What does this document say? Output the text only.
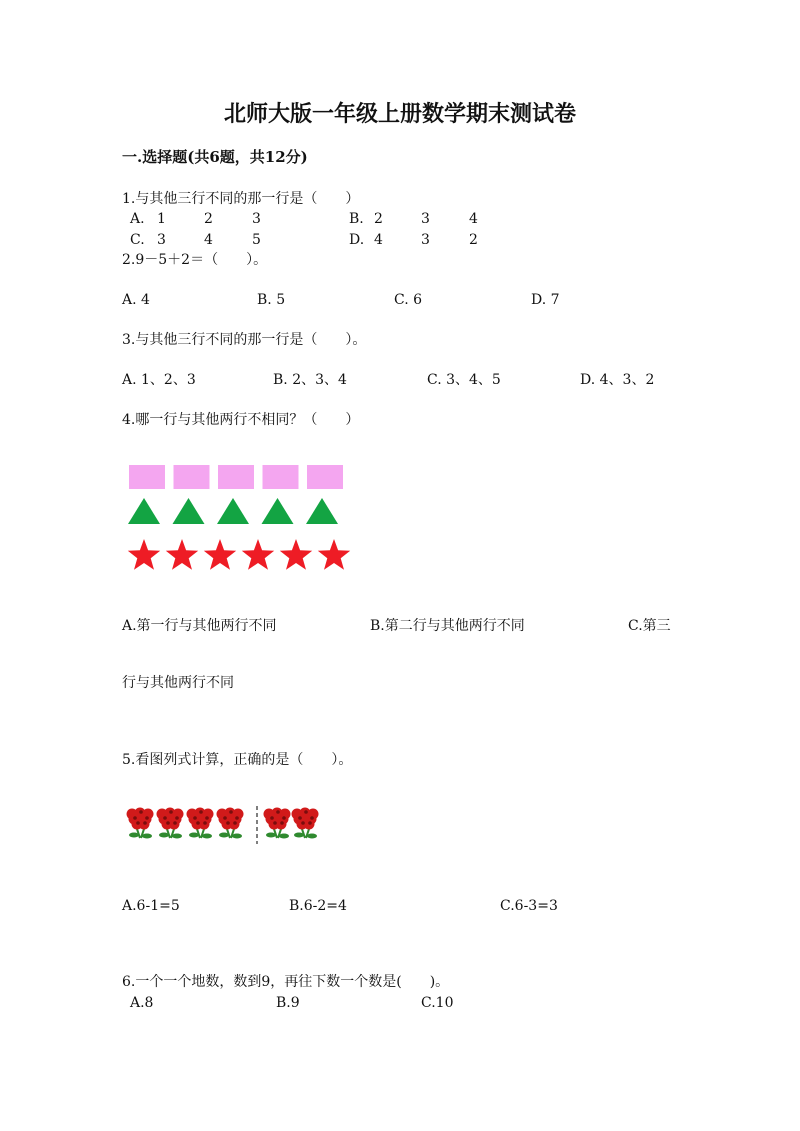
北师大版一年级上册数学期末测试卷
一.选择题(共6题，共12分)
1.与其他三行不同的那一行是（　　）
A. 1	2	3	B. 2	3	4
C. 3	4	5	D. 4	3	2
2.9－5＋2＝（　　）。
A. 4	B. 5	C. 6	D. 7
3.与其他三行不同的那一行是（　　）。
A. 1、2、3	B. 2、3、4	C. 3、4、5	D. 4、3、2
4.哪一行与其他两行不相同？（　　）
A.第一行与其他两行不同	B.第二行与其他两行不同	C.第三
行与其他两行不同
5.看图列式计算，正确的是（　　）。
A.6-1=5	B.6-2=4	C.6-3=3
6.一个一个地数，数到9，再往下数一个数是(　　)。
A.8	B.9	C.10
